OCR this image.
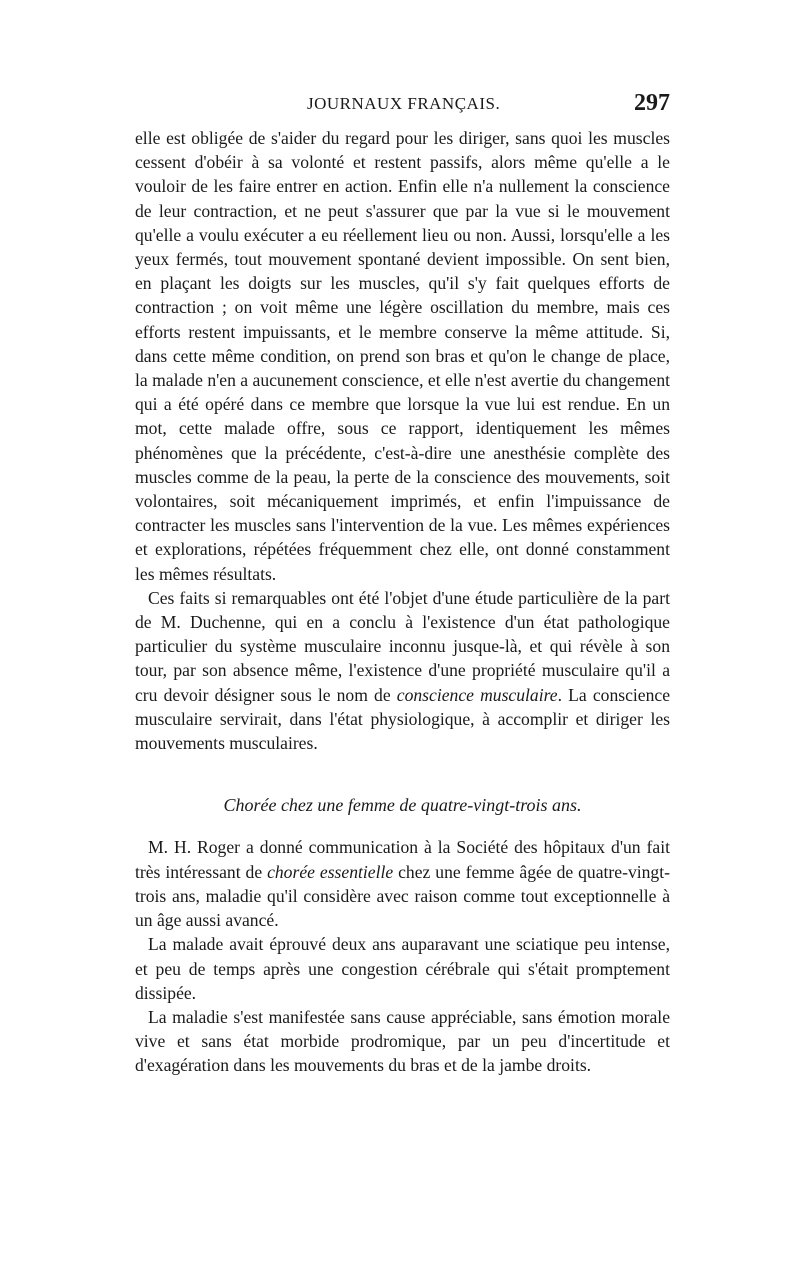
JOURNAUX FRANÇAIS.	297

elle est obligée de s'aider du regard pour les diriger, sans quoi les muscles cessent d'obéir à sa volonté et restent passifs, alors même qu'elle a le vouloir de les faire entrer en action. Enfin elle n'a nullement la conscience de leur contraction, et ne peut s'assurer que par la vue si le mouvement qu'elle a voulu exécuter a eu réellement lieu ou non. Aussi, lorsqu'elle a les yeux fermés, tout mouvement spontané devient impossible. On sent bien, en plaçant les doigts sur les muscles, qu'il s'y fait quelques efforts de contraction ; on voit même une légère oscillation du membre, mais ces efforts restent impuissants, et le membre conserve la même attitude. Si, dans cette même condition, on prend son bras et qu'on le change de place, la malade n'en a aucunement conscience, et elle n'est avertie du changement qui a été opéré dans ce membre que lorsque la vue lui est rendue. En un mot, cette malade offre, sous ce rapport, identiquement les mêmes phénomènes que la précédente, c'est-à-dire une anesthésie complète des muscles comme de la peau, la perte de la conscience des mouvements, soit volontaires, soit mécaniquement imprimés, et enfin l'impuissance de contracter les muscles sans l'intervention de la vue. Les mêmes expériences et explorations, répétées fréquemment chez elle, ont donné constamment les mêmes résultats.

Ces faits si remarquables ont été l'objet d'une étude particulière de la part de M. Duchenne, qui en a conclu à l'existence d'un état pathologique particulier du système musculaire inconnu jusque-là, et qui révèle à son tour, par son absence même, l'existence d'une propriété musculaire qu'il a cru devoir désigner sous le nom de conscience musculaire. La conscience musculaire servirait, dans l'état physiologique, à accomplir et diriger les mouvements musculaires.

Chorée chez une femme de quatre-vingt-trois ans.

M. H. Roger a donné communication à la Société des hôpitaux d'un fait très intéressant de chorée essentielle chez une femme âgée de quatre-vingt-trois ans, maladie qu'il considère avec raison comme tout exceptionnelle à un âge aussi avancé.

La malade avait éprouvé deux ans auparavant une sciatique peu intense, et peu de temps après une congestion cérébrale qui s'était promptement dissipée.

La maladie s'est manifestée sans cause appréciable, sans émotion morale vive et sans état morbide prodromique, par un peu d'incertitude et d'exagération dans les mouvements du bras et de la jambe droits.
